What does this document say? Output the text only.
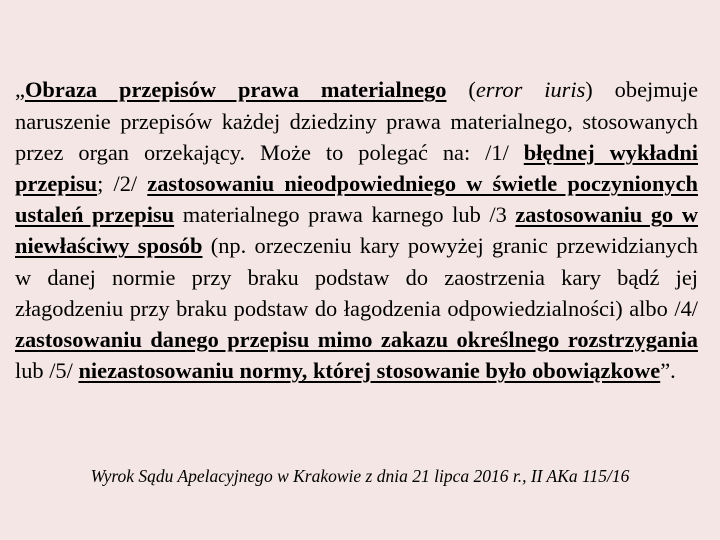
„Obraza przepisów prawa materialnego (error iuris) obejmuje naruszenie przepisów każdej dziedziny prawa materialnego, stosowanych przez organ orzekający. Może to polegać na: /1/ błędnej wykładni przepisu; /2/ zastosowaniu nieodpowiedniego w świetle poczynionych ustaleń przepisu materialnego prawa karnego lub /3 zastosowaniu go w niewłaściwy sposób (np. orzeczeniu kary powyżej granic przewidzianych w danej normie przy braku podstaw do zaostrzenia kary bądź jej złagodzeniu przy braku podstaw do łagodzenia odpowiedzialności) albo /4/ zastosowaniu danego przepisu mimo zakazu określnego rozstrzygania lub /5/ niezastosowaniu normy, której stosowanie było obowiązkowe”.

Wyrok Sądu Apelacyjnego w Krakowie z dnia 21 lipca 2016 r., II AKa 115/16
